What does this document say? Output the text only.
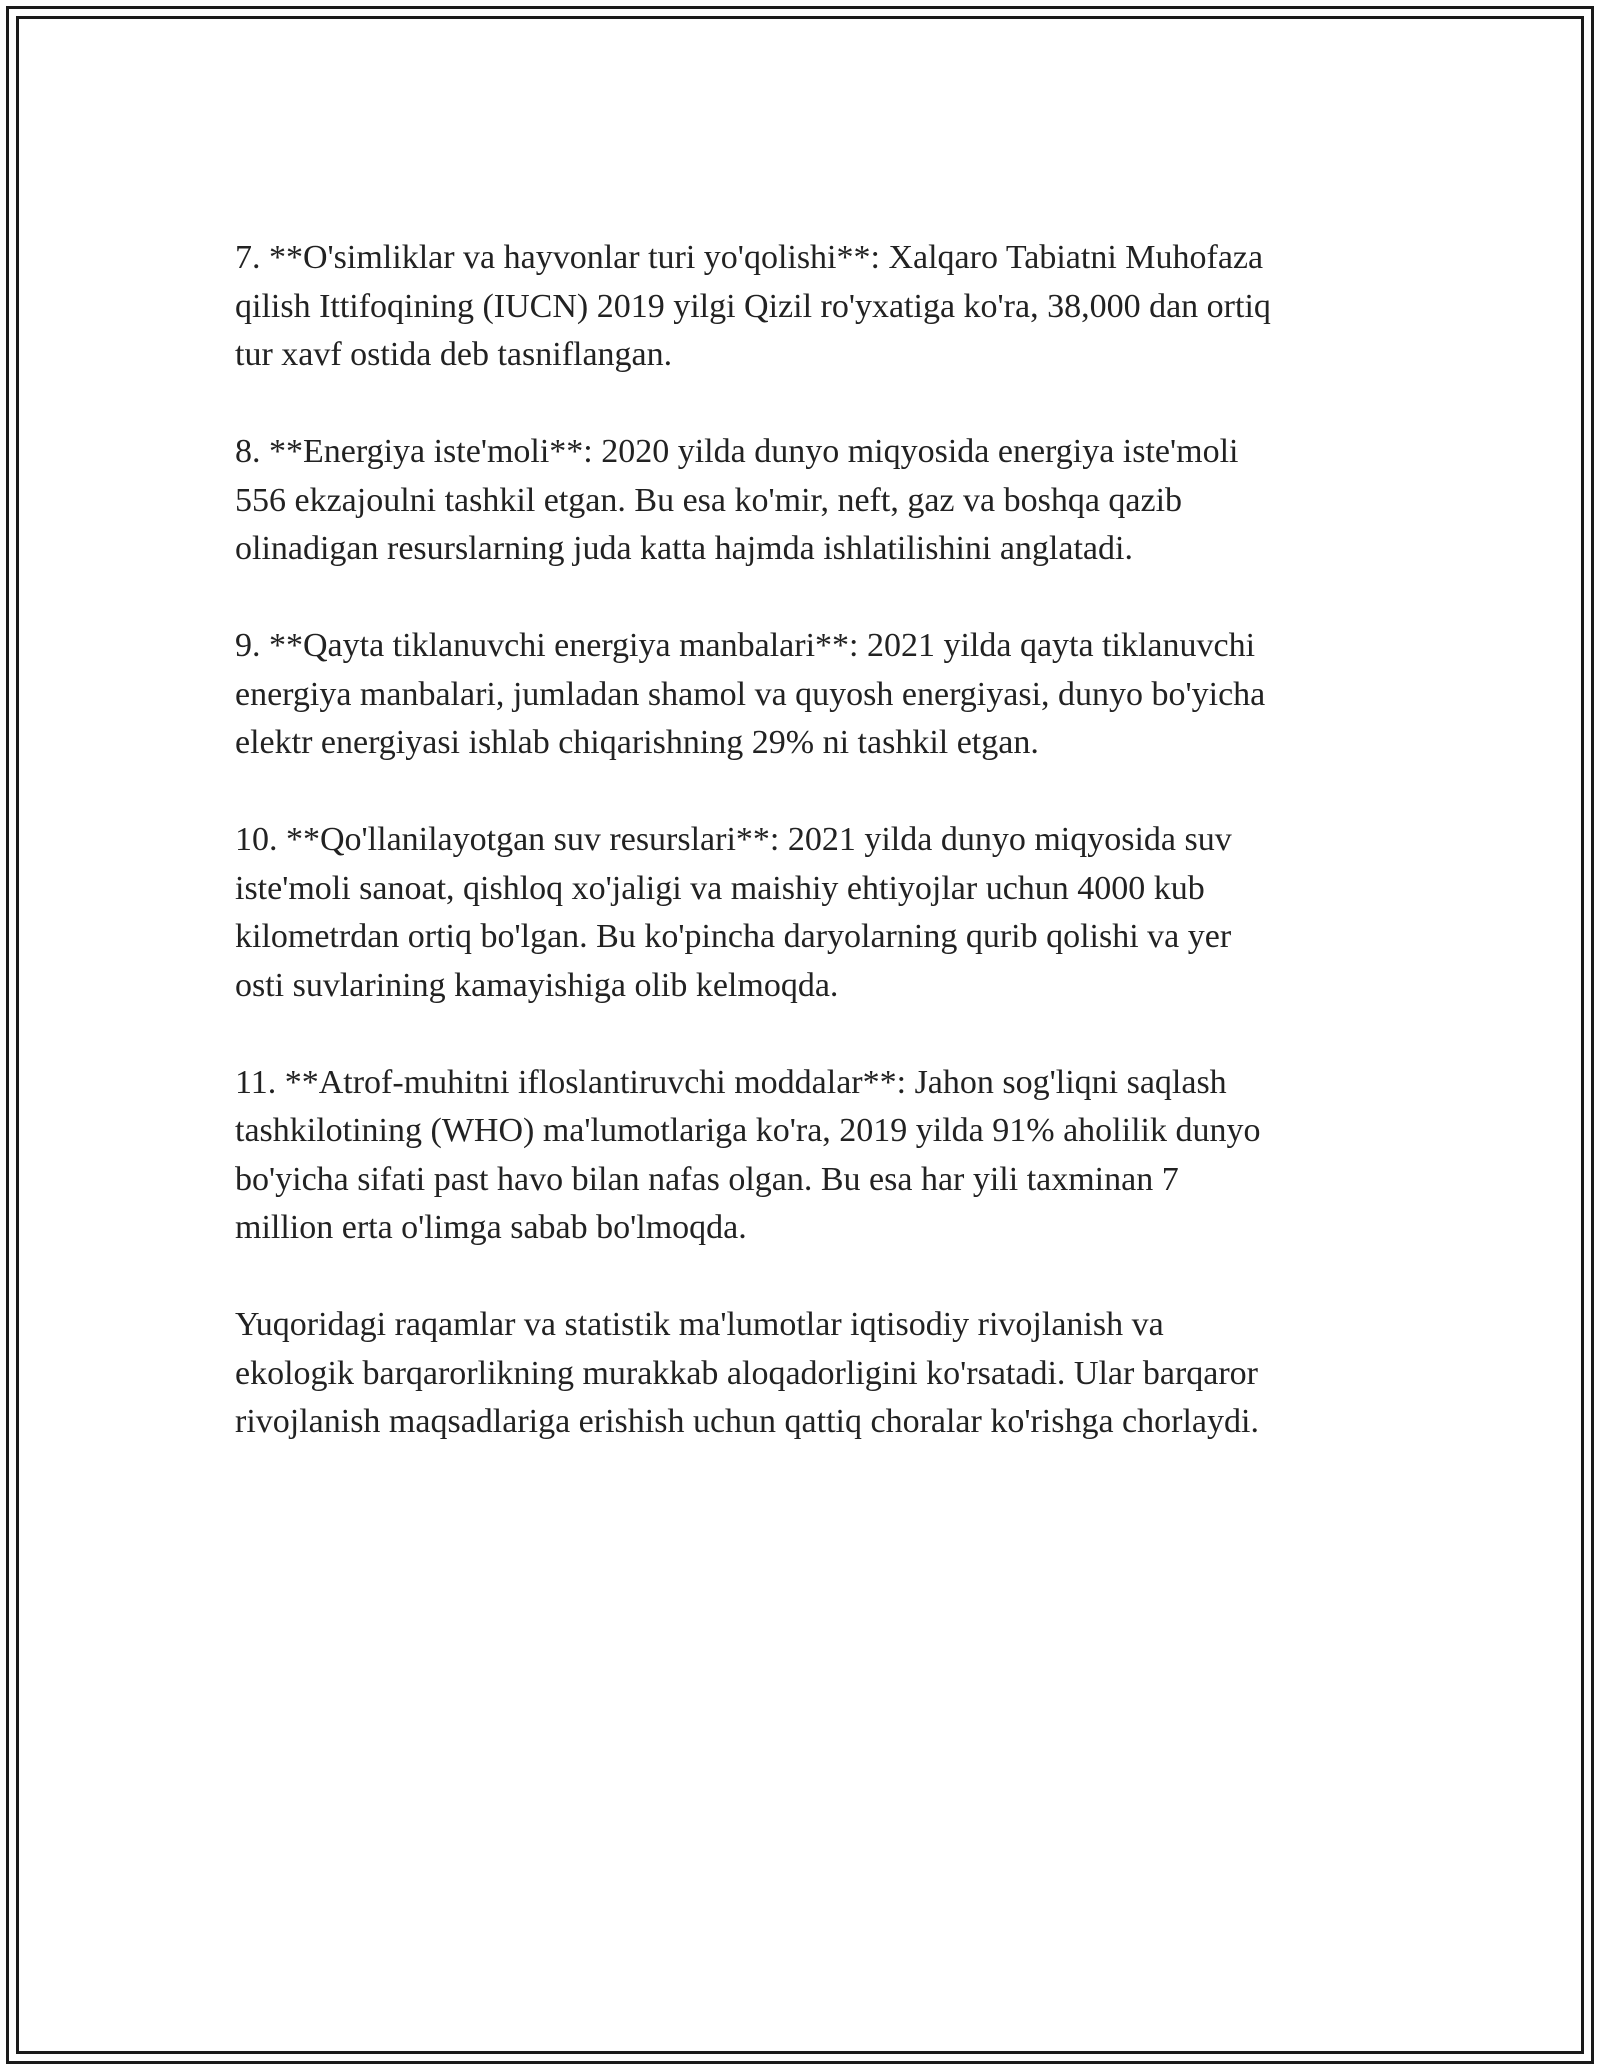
7. **O'simliklar va hayvonlar turi yo'qolishi**: Xalqaro Tabiatni Muhofaza
qilish Ittifoqining (IUCN) 2019 yilgi Qizil ro'yxatiga ko'ra, 38,000 dan ortiq
tur xavf ostida deb tasniflangan.

8. **Energiya iste'moli**: 2020 yilda dunyo miqyosida energiya iste'moli
556 ekzajoulni tashkil etgan. Bu esa ko'mir, neft, gaz va boshqa qazib
olinadigan resurslarning juda katta hajmda ishlatilishini anglatadi.

9. **Qayta tiklanuvchi energiya manbalari**: 2021 yilda qayta tiklanuvchi
energiya manbalari, jumladan shamol va quyosh energiyasi, dunyo bo'yicha
elektr energiyasi ishlab chiqarishning 29% ni tashkil etgan.

10. **Qo'llanilayotgan suv resurslari**: 2021 yilda dunyo miqyosida suv
iste'moli sanoat, qishloq xo'jaligi va maishiy ehtiyojlar uchun 4000 kub
kilometrdan ortiq bo'lgan. Bu ko'pincha daryolarning qurib qolishi va yer
osti suvlarining kamayishiga olib kelmoqda.

11. **Atrof-muhitni ifloslantiruvchi moddalar**: Jahon sog'liqni saqlash
tashkilotining (WHO) ma'lumotlariga ko'ra, 2019 yilda 91% aholilik dunyo
bo'yicha sifati past havo bilan nafas olgan. Bu esa har yili taxminan 7
million erta o'limga sabab bo'lmoqda.

Yuqoridagi raqamlar va statistik ma'lumotlar iqtisodiy rivojlanish va
ekologik barqarorlikning murakkab aloqadorligini ko'rsatadi. Ular barqaror
rivojlanish maqsadlariga erishish uchun qattiq choralar ko'rishga chorlaydi.
